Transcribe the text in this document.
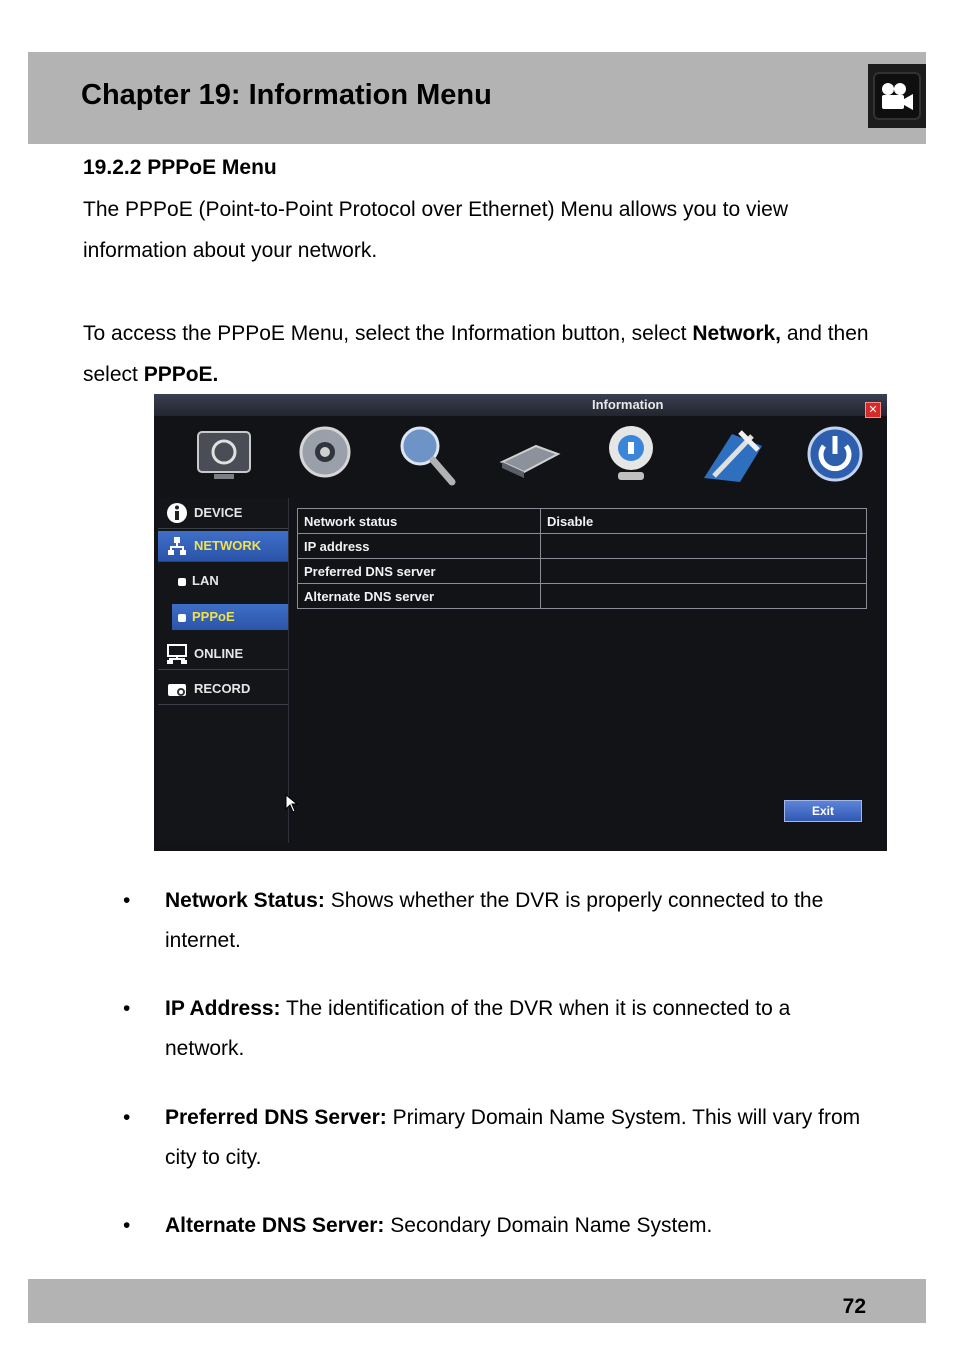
Chapter 19: Information Menu
19.2.2 PPPoE Menu
The PPPoE (Point-to-Point Protocol over Ethernet) Menu allows you to view information about your network.
To access the PPPoE Menu, select the Information button, select Network, and then select PPPoE.
Information	✕
DEVICE
NETWORK
LAN
PPPoE
ONLINE
RECORD
Network status	Disable
IP address	
Preferred DNS server	
Alternate DNS server	
Exit
• Network Status: Shows whether the DVR is properly connected to the internet.
• IP Address: The identification of the DVR when it is connected to a network.
• Preferred DNS Server: Primary Domain Name System. This will vary from city to city.
• Alternate DNS Server: Secondary Domain Name System.
72
